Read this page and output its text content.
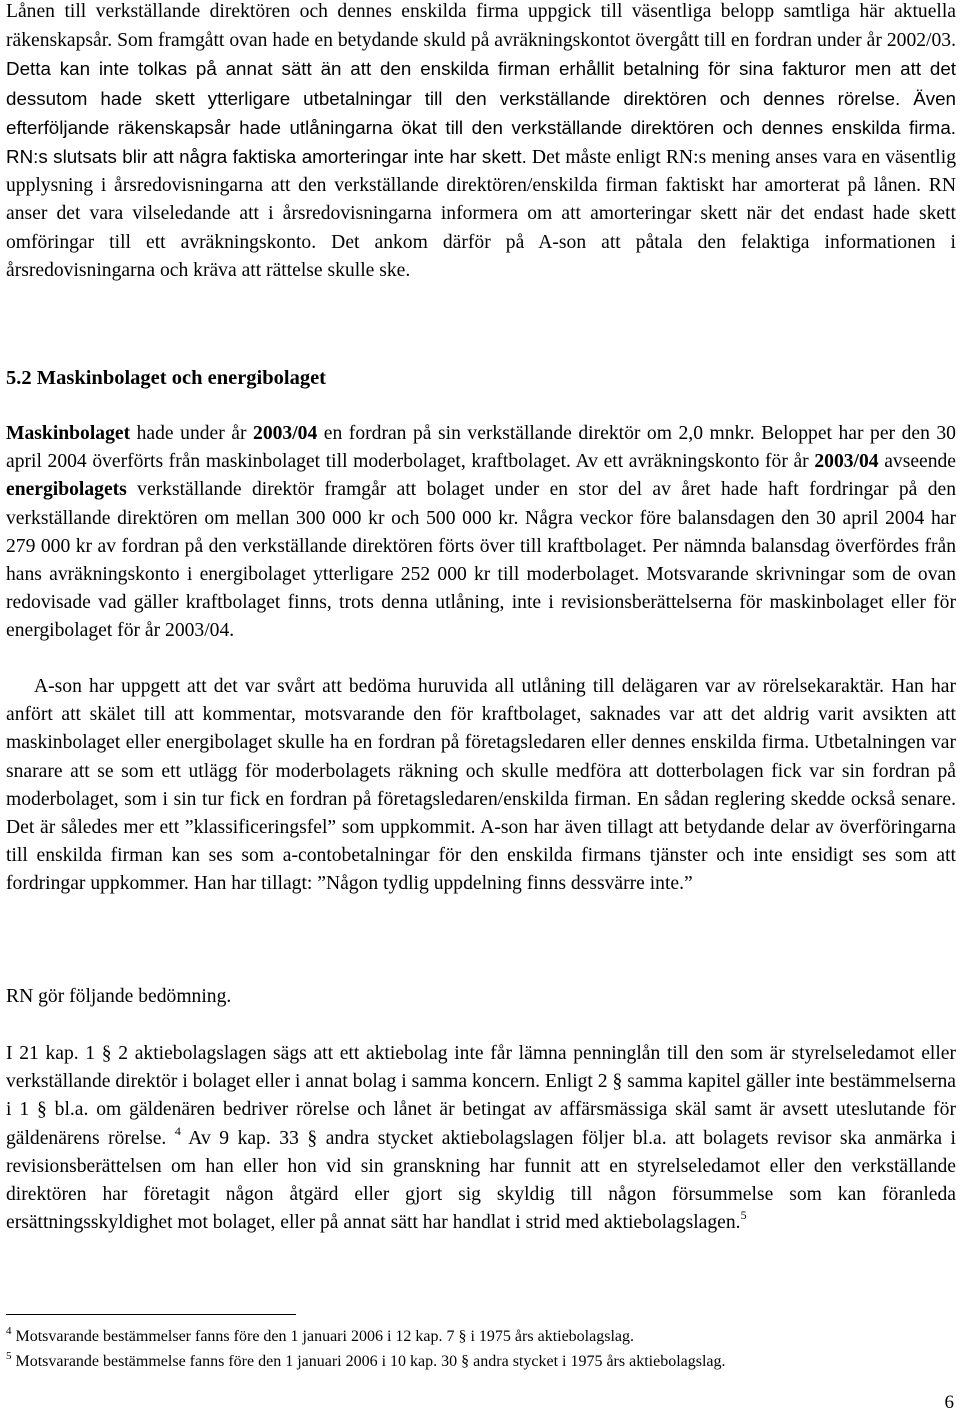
Lånen till verkställande direktören och dennes enskilda firma uppgick till väsentliga belopp samtliga här aktuella räkenskapsår. Som framgått ovan hade en betydande skuld på avräkningskontot övergått till en fordran under år 2002/03. Detta kan inte tolkas på annat sätt än att den enskilda firman erhållit betalning för sina fakturor men att det dessutom hade skett ytterligare utbetalningar till den verkställande direktören och dennes rörelse. Även efterföljande räkenskapsår hade utlåningarna ökat till den verkställande direktören och dennes enskilda firma. RN:s slutsats blir att några faktiska amorteringar inte har skett. Det måste enligt RN:s mening anses vara en väsentlig upplysning i årsredovisningarna att den verkställande direktören/enskilda firman faktiskt har amorterat på lånen. RN anser det vara vilseledande att i årsredovisningarna informera om att amorteringar skett när det endast hade skett omföringar till ett avräkningskonto. Det ankom därför på A-son att påtala den felaktiga informationen i årsredovisningarna och kräva att rättelse skulle ske.

5.2 Maskinbolaget och energibolaget

Maskinbolaget hade under år 2003/04 en fordran på sin verkställande direktör om 2,0 mnkr. Beloppet har per den 30 april 2004 överförts från maskinbolaget till moderbolaget, kraftbolaget. Av ett avräkningskonto för år 2003/04 avseende energibolagets verkställande direktör framgår att bolaget under en stor del av året hade haft fordringar på den verkställande direktören om mellan 300 000 kr och 500 000 kr. Några veckor före balansdagen den 30 april 2004 har 279 000 kr av fordran på den verkställande direktören förts över till kraftbolaget. Per nämnda balansdag överfördes från hans avräkningskonto i energibolaget ytterligare 252 000 kr till moderbolaget. Motsvarande skrivningar som de ovan redovisade vad gäller kraftbolaget finns, trots denna utlåning, inte i revisionsberättelserna för maskinbolaget eller för energibolaget för år 2003/04.

A-son har uppgett att det var svårt att bedöma huruvida all utlåning till delägaren var av rörelsekaraktär. Han har anfört att skälet till att kommentar, motsvarande den för kraftbolaget, saknades var att det aldrig varit avsikten att maskinbolaget eller energibolaget skulle ha en fordran på företagsledaren eller dennes enskilda firma. Utbetalningen var snarare att se som ett utlägg för moderbolagets räkning och skulle medföra att dotterbolagen fick var sin fordran på moderbolaget, som i sin tur fick en fordran på företagsledaren/enskilda firman. En sådan reglering skedde också senare. Det är således mer ett ”klassificeringsfel” som uppkommit. A-son har även tillagt att betydande delar av överföringarna till enskilda firman kan ses som a-contobetalningar för den enskilda firmans tjänster och inte ensidigt ses som att fordringar uppkommer. Han har tillagt: ”Någon tydlig uppdelning finns dessvärre inte.”

RN gör följande bedömning.

I 21 kap. 1 § 2 aktiebolagslagen sägs att ett aktiebolag inte får lämna penninglån till den som är styrelseledamot eller verkställande direktör i bolaget eller i annat bolag i samma koncern. Enligt 2 § samma kapitel gäller inte bestämmelserna i 1 § bl.a. om gäldenären bedriver rörelse och lånet är betingat av affärsmässiga skäl samt är avsett uteslutande för gäldenärens rörelse. $^4$ Av 9 kap. 33 § andra stycket aktiebolagslagen följer bl.a. att bolagets revisor ska anmärka i revisionsberättelsen om han eller hon vid sin granskning har funnit att en styrelseledamot eller den verkställande direktören har företagit någon åtgärd eller gjort sig skyldig till någon försummelse som kan föranleda ersättningsskyldighet mot bolaget, eller på annat sätt har handlat i strid med aktiebolagslagen.$^5$

$^4$ Motsvarande bestämmelser fanns före den 1 januari 2006 i 12 kap. 7 § i 1975 års aktiebolagslag.
$^5$ Motsvarande bestämmelse fanns före den 1 januari 2006 i 10 kap. 30 § andra stycket i 1975 års aktiebolagslag.
6
